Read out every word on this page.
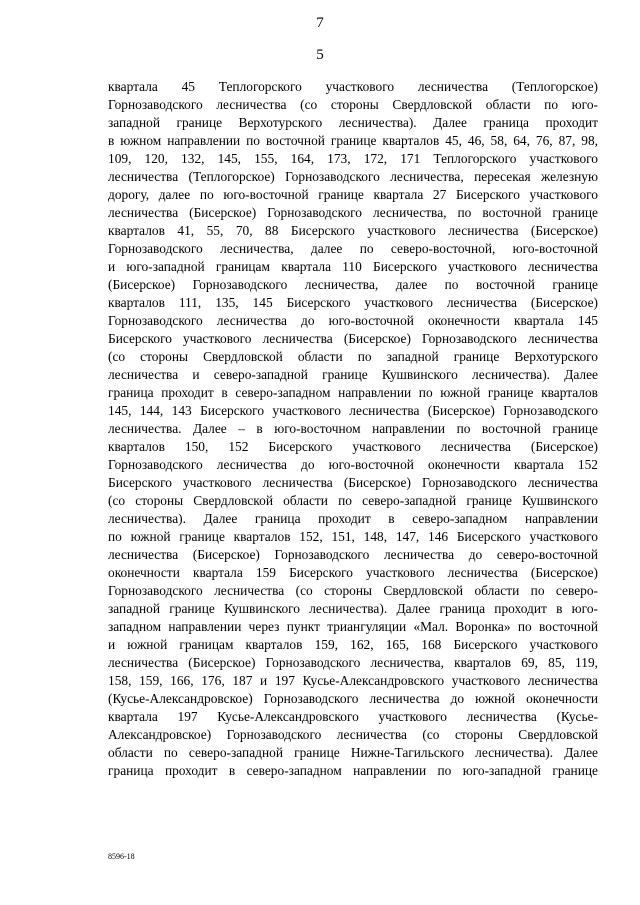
7
5
квартала 45 Теплогорского участкового лесничества (Теплогорское)
Горнозаводского лесничества (со стороны Свердловской области по юго-
западной границе Верхотурского лесничества). Далее граница проходит
в южном направлении по восточной границе кварталов 45, 46, 58, 64, 76, 87, 98,
109, 120, 132, 145, 155, 164, 173, 172, 171 Теплогорского участкового
лесничества (Теплогорское) Горнозаводского лесничества, пересекая железную
дорогу, далее по юго-восточной границе квартала 27 Бисерского участкового
лесничества (Бисерское) Горнозаводского лесничества, по восточной границе
кварталов 41, 55, 70, 88 Бисерского участкового лесничества (Бисерское)
Горнозаводского лесничества, далее по северо-восточной, юго-восточной
и юго-западной границам квартала 110 Бисерского участкового лесничества
(Бисерское) Горнозаводского лесничества, далее по восточной границе
кварталов 111, 135, 145 Бисерского участкового лесничества (Бисерское)
Горнозаводского лесничества до юго-восточной оконечности квартала 145
Бисерского участкового лесничества (Бисерское) Горнозаводского лесничества
(со стороны Свердловской области по западной границе Верхотурского
лесничества и северо-западной границе Кушвинского лесничества). Далее
граница проходит в северо-западном направлении по южной границе кварталов
145, 144, 143 Бисерского участкового лесничества (Бисерское) Горнозаводского
лесничества. Далее – в юго-восточном направлении по восточной границе
кварталов 150, 152 Бисерского участкового лесничества (Бисерское)
Горнозаводского лесничества до юго-восточной оконечности квартала 152
Бисерского участкового лесничества (Бисерское) Горнозаводского лесничества
(со стороны Свердловской области по северо-западной границе Кушвинского
лесничества). Далее граница проходит в северо-западном направлении
по южной границе кварталов 152, 151, 148, 147, 146 Бисерского участкового
лесничества (Бисерское) Горнозаводского лесничества до северо-восточной
оконечности квартала 159 Бисерского участкового лесничества (Бисерское)
Горнозаводского лесничества (со стороны Свердловской области по северо-
западной границе Кушвинского лесничества). Далее граница проходит в юго-
западном направлении через пункт триангуляции «Мал. Воронка» по восточной
и южной границам кварталов 159, 162, 165, 168 Бисерского участкового
лесничества (Бисерское) Горнозаводского лесничества, кварталов 69, 85, 119,
158, 159, 166, 176, 187 и 197 Кусье-Александровского участкового лесничества
(Кусье-Александровское) Горнозаводского лесничества до южной оконечности
квартала 197 Кусье-Александровского участкового лесничества (Кусье-
Александровское) Горнозаводского лесничества (со стороны Свердловской
области по северо-западной границе Нижне-Тагильского лесничества). Далее
граница проходит в северо-западном направлении по юго-западной границе
8596-18
